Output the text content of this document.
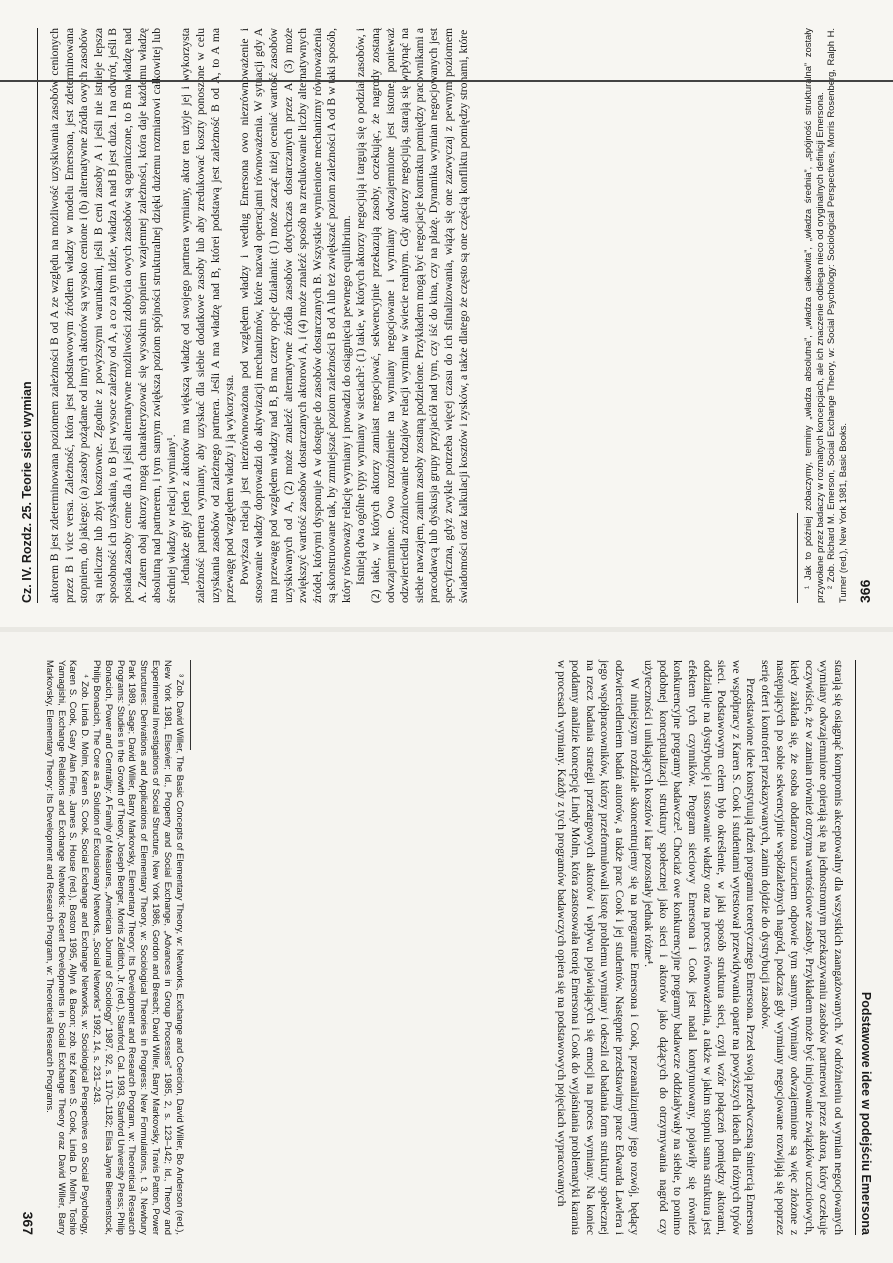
Cz. IV. Rozdz. 25. Teorie sieci wymian	aktorem B jest zdeterminowana poziomem zależności B od A ze względu na możliwość uzyskiwania zasobów cenionych przez B i vice versa. Zależność, która jest podstawowym źródłem władzy w modelu Emersona, jest zdeterminowana stopniem, do jakiego: (a) zasoby pożądane od innych aktorów są wysoko cenione i (b) alternatywne źródła owych zasobów są nieliczne lub zbyt kosztowne. Zgodnie z powyższymi warunkami, jeśli B ceni zasoby A i jeśli nie istnieje lepsza sposobność ich uzyskania, to B jest wysoce zależny od A, a co za tym idzie, władza A nad B jest duża. I na odwrót, jeśli B posiada zasoby cenne dla A i jeśli alternatywne możliwości zdobycia owych zasobów są ograniczone, to B ma władzę nad A. Zatem obaj aktorzy mogą charakteryzować się wysokim stopniem wzajemnej zależności, która daje każdemu władzę absolutną nad partnerem, i tym samym zwiększa poziom spójności strukturalnej dzięki dużemu rozmiarowi całkowitej lub średniej władzy w relacji wymiany¹. Jednakże gdy jeden z aktorów ma większą władzę od swojego partnera wymiany, aktor ten użyje jej i wykorzysta zależność partnera wymiany, aby uzyskać dla siebie dodatkowe zasoby lub aby zredukować koszty ponoszone w celu uzyskania zasobów od zależnego partnera. Jeśli A ma władzę nad B, którei podstawą jest zależność B od A, to A ma przewagę pod względem władzy i ją wykorzysta. Powyższa relacja jest niezrównoważona pod względem władzy i według Emersona owo niezrównoważenie i stosowanie władzy doprowadzi do aktywizacji mechanizmów, które nazwał operacjami równoważenia. W sytuacji gdy A ma przewagę pod względem władzy nad B, B ma cztery opcje działania: (1) może zacząć niżej oceniać wartość zasobów uzyskiwanych od A, (2) może znaleźć alternatywne źródła zasobów dotychczas dostarczanych przez A, (3) może zwiększyć wartość zasobów dostarczanych aktorowi A, i (4) może znaleźć sposób na zredukowanie liczby alternatywnych źródeł, którymi dysponuje A w dostępie do zasobów dostarczanych B. Wszystkie wymienione mechanizmy równoważenia są skonstruowane tak, by zmniejszać poziom zależności B od A lub też zwiększać poziom zależności A od B w taki sposób, który równoważy relację wymiany i prowadzi do osiągnięcia pewnego equilibrium. Istnieją dwa ogólne typy wymiany w sieciach²: (1) takie, w których aktorzy negocjują i targują się o podział zasobów, i (2) takie, w których aktorzy zamiast negocjować, sekwencyjnie przekazują zasoby, oczekując, że nagrody zostaną odwzajemnione. Owo rozróżnienie na wymiany negocjowane i wymiany odwzajemnione jest istotne, ponieważ odzwierciedla zróżnicowanie rodzajów relacji wymian w świecie realnym. Gdy aktorzy negocjują, starają się wpłynąć na siebie nawzajem, zanim zasoby zostaną podzielone. Przykładem mogą być negocjacje kontraktu pomiędzy pracownikami a pracodawcą lub dyskusja grupy przyjaciół nad tym, czy iść do kina, czy na plażę. Dynamika wymian negocjowanych jest specyficzna, gdyż zwykle potrzeba więcej czasu do ich sfinalizowania, wiążą się one zazwyczaj z pewnym poziomem świadomości oraz kalkulacji kosztów i zysków, a także dlatego że często są one częścią konfliktu pomiędzy stronami, które	¹ Jak to później zobaczymy, terminy „władza absolutna”, „władza całkowita”, „władza średnia”, „spójność strukturalna” zostały przywołane przez badaczy w rozmaitych koncepcjach, ale ich znaczenie odbiega nieco od oryginalnych definicji Emersona. ² Zob. Richard M. Emerson, Social Exchange Theory, w: Social Psychology: Sociological Perspectives, Morris Rosenberg, Ralph H. Turner (red.), New York 1981, Basic Books. 366
Podstawowe idee w podejściu Emersona

starają się osiągnąć kompromis akceptowalny dla wszystkich zaangażowanych. W odróżnieniu od wymian negocjowanych wymiany odwzajemnione opierają się na jednostronnym przekazywaniu zasobów partnerowi przez aktora, który oczekuje oczywiście, że w zamian również otrzyma wartościowe zasoby. Przykładem może być inicjowanie związków uczuciowych, kiedy zakłada się, że osoba obdarzona uczuciem odpowie tym samym. Wymiany odwzajemnione są więc złożone z następujących po sobie sekwencyjnie współzależnych nagród, podczas gdy wymiany negocjowane rozwijają się poprzez serię ofert i kontrofert przekazywanych, zanim dojdzie do dystrybucji zasobów.

Przedstawione idee konstytuują rdzeń programu teoretycznego Emersona. Przed swoją przedwczesną śmiercią Emerson we współpracy z Karen S. Cook i studentami wytestował przewidywania oparte na powyższych ideach dla różnych typów sieci. Podstawowym celem było określenie, w jaki sposób struktura sieci, czyli wzór połączeń pomiędzy aktorami, oddziałuje na dystrybucję i stosowanie władzy oraz na proces równoważenia, a także w jakim stopniu sama struktura jest efektem tych czynników. Program sieciowy Emersona i Cook jest nadal kontynuowany, pojawiły się również konkurencyjne programy badawcze³. Chociaż owe konkurencyjne programy badawcze oddziaływały na siebie, to ponimo podobnej konceptualizacji struktury społecznej jako sieci i aktorów jako dążących do otrzymywania nagród czy użyteczności i unikających kosztów i kar pozostały jednak różne⁴.

W niniejszym rozdziale skoncentrujemy się na programie Emersona i Cook, przeanalizujemy jego rozwój, będący odzwierciedleniem badań autorów, a także prac Cook i jej studentów. Następnie przedstawimy prace Edwarda Lawlera i jego współpracowników, którzy przeformułowali istotę problemu wymiany i odeszli od badania form struktury społecznej na rzecz badania strategii przetargowych aktorów i wpływu pojawiających się emocji na proces wymiany. Na koniec poddamy analizie koncepcję Lindy Molm, która zastosowała teorię Emersona i Cook do wyjaśniania problematyki karania w procesach wymiany. Każdy z tych programów badawczych opiera się na podstawowych pojęciach wypracowanych

³ Zob. David Willer, The Basic Concepts of Elementary Theory, w: Networks, Exchange and Coercion, David Willer, Bo Anderson (red.), New York 1981, Elsevier; Id., Property and Social Exchange, „Advances in Group Processes” 1985, 2, s. 123–142; Id., Theory and Experimental Investigations of Social Structure, New York 1986, Gordon and Breach; David Willer, Barry Markovsky, Travis Patton, Power Structures: Derivations and Applications of Elementary Theory, w: Sociological Theories in Progress: New Formulations, t. 3, Newbury Park 1989, Sage; David Willer, Barry Markovsky, Elementary Theory: Its Development and Research Program, w: Theoretical Research Programs: Studies in the Growth of Theory, Joseph Berger, Morris Zelditch, Jr. (red.), Stanford, Cal. 1993, Stanford University Press; Philip Bonacich, Power and Centrality: A Family of Measures, „American Journal of Sociology” 1987, 92, s. 1170–1182; Elisa Jayne Bienenstock, Philip Bonacich, The Core as a Solution of Exclusionary Networks, „Social Networks” 1992, 14, s. 231–243.

⁴ Zob. Linda D. Molm, Karen S. Cook, Social Exchange and Exchange Networks, w: Sociological Perspectives on Social Psychology, Karen S. Cook, Gary Alan Fine, James S. House (red.), Boston 1995, Allyn & Bacon; zob. też Karen S. Cook, Linda D. Molm, Toshio Yamagishi, Exchange Relations and Exchange Networks: Recent Developments in Social Exchange Theory oraz David Willer, Barry Markovsky, Elementary Theory: Its Development and Research Program, w: Theoretical Research Programs.

367
